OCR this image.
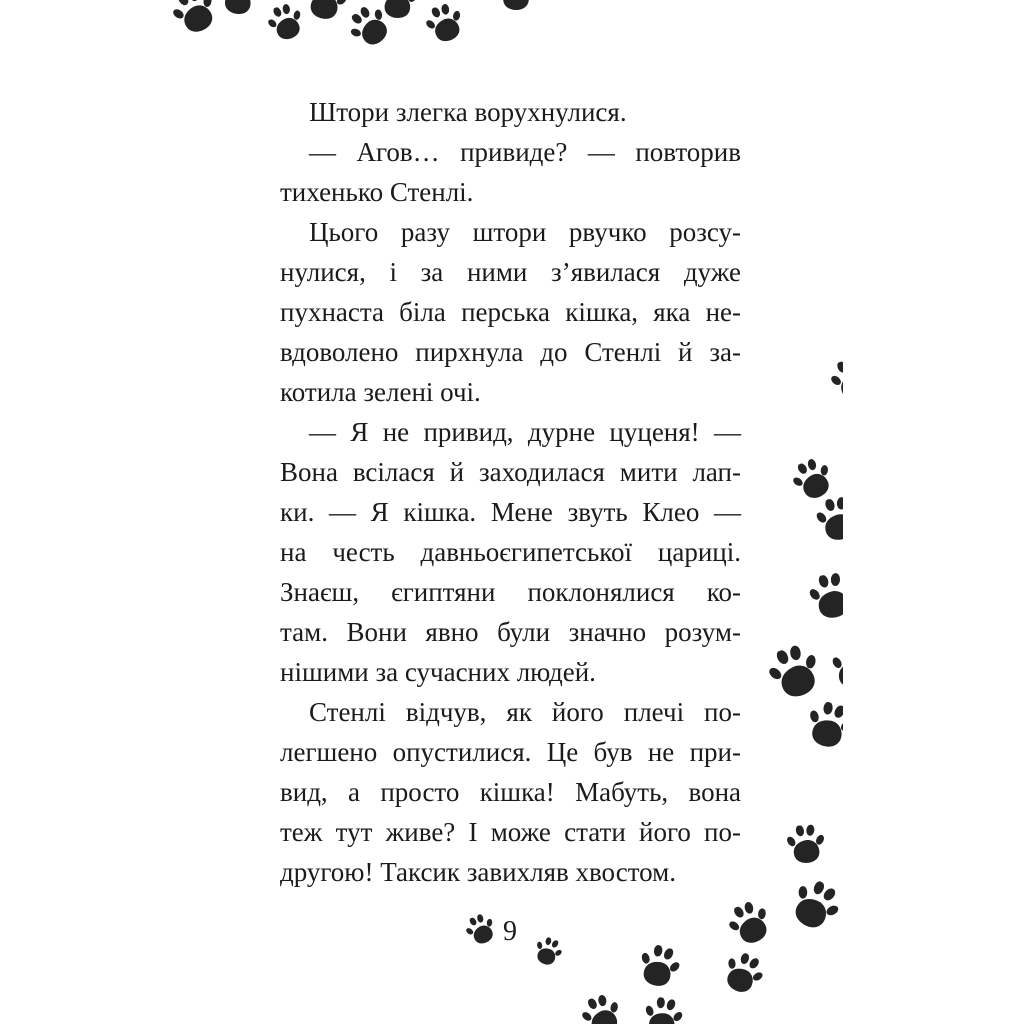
Штори злегка ворухнулися.
— Агов… привиде? — повторив
тихенько Стенлі.
Цього разу штори рвучко розсу-
нулися, і за ними з’явилася дуже
пухнаста біла перська кішка, яка не-
вдоволено пирхнула до Стенлі й за-
котила зелені очі.
— Я не привид, дурне цуценя! —
Вона всілася й заходилася мити лап-
ки. — Я кішка. Мене звуть Клео —
на честь давньоєгипетської цариці.
Знаєш, єгиптяни поклонялися ко-
там. Вони явно були значно розум-
нішими за сучасних людей.
Стенлі відчув, як його плечі по-
легшено опустилися. Це був не при-
вид, а просто кішка! Мабуть, вона
теж тут живе? І може стати його по-
другою! Таксик завихляв хвостом.
9
